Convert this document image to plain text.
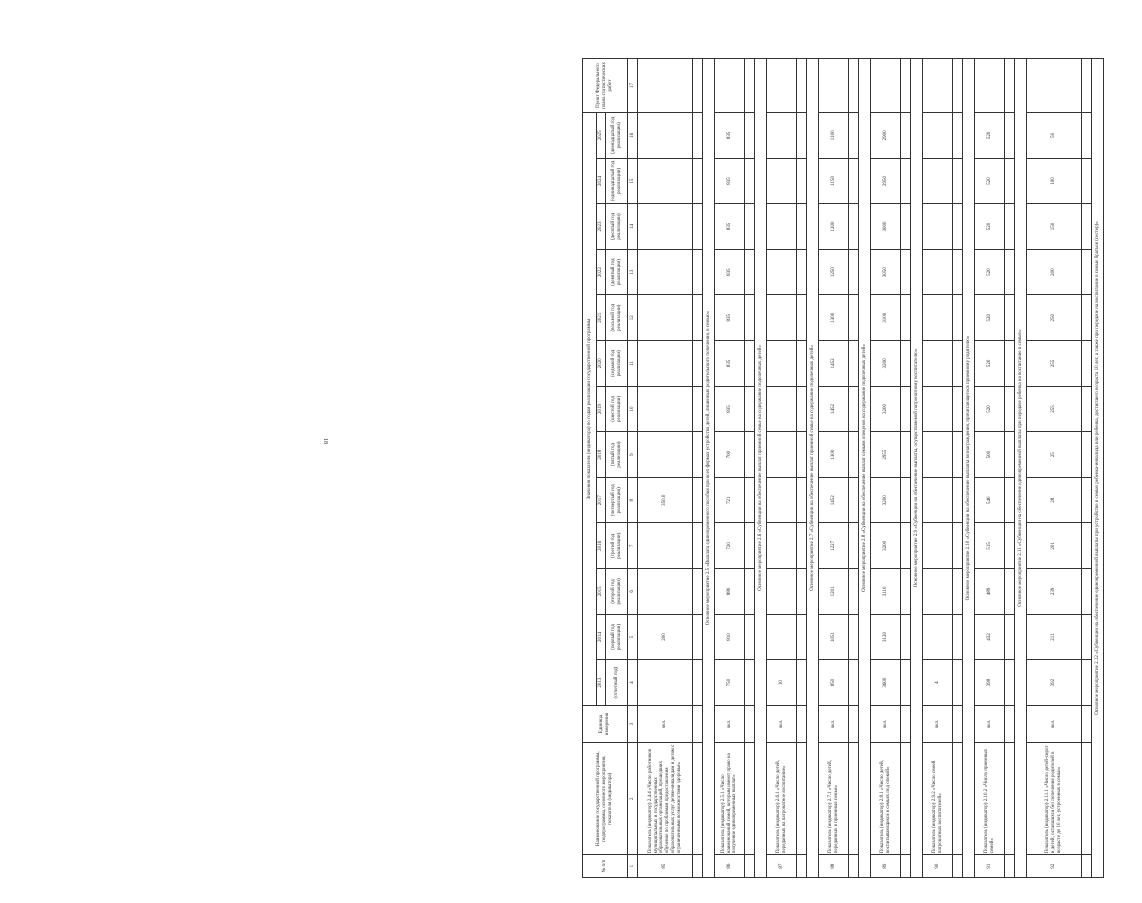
18
№ п/п	Наименование государственной программы, подпрограммы, основного мероприятия, показателя (индикатора)	Единица измерения	Значения показателя (индикатора) по годам реализации государственной программы													Пункт Федерального плана статистических работ
			2013	2014	2015	2016	2017	2018	2019	2020	2021	2022	2023	2024	2025	
			(отчетный год)	(первый год реализации)	(второй год реализации)	(третий год реализации)	(четвертый год реализации)	(пятый год реализации)	(шестой год реализации)	(седьмой год реализации)	(восьмой год реализации)	(девятый год реализации)	(десятый год реализации)	(одиннадцатый год реализации)	(двенадцатый год реализации)	
1	2	3	4	5	6	7	8	9	10	11	12	13	14	15	16	17
85	Показатель (индикатор) 2.4.4 «Число работников муниципальных и государственных образовательных организаций, прошедших обучение по проблемам предоставления образовательных услуг детям-инвалидам и детям с ограниченными возможностями здоровья»	чел.		200			350,0									

Основное мероприятие 2.5 «Выплата единовременного пособия при всех формах устройства детей, лишенных родительского попечения, в семью»																
86	Показатель (индикатор) 2.5.1 «Число наименований семей, которым имеют право на получение единовременных выплат»	чел.	750	810	880	720	721	700	835	835	835	835	835	835	835	

Основное мероприятие 2.6 «Субвенции на обеспечение выплат приемной семье на содержание подопечных детей»																
87	Показатель (индикатор) 2.6.1 «Число детей, переданных на патронатное воспитание»	чел.	10													

Основное мероприятие 2.7 «Субвенции на обеспечение выплат приемной семье на содержание подопечных детей»																
88	Показатель (индикатор) 2.7.1 «Число детей, переданных в приемные семьи»	чел.	850	1051	1201	1227	1452	1300	1452	1452	1300	1250	1200	1150	1100	

Основное мероприятие 2.8 «Субвенции на обеспечение выплат семьям опекунов на содержание подопечных детей»																
89	Показатель (индикатор) 2.8.1 «Число детей, воспитывающихся в семьях под опекой»	чел.	3600	3120	3110	3200	3200	2955	3200	3200	3100	3050	3000	2950	2900	

Основное мероприятие 2.9 «Субвенции на обеспечение выплаты, осуществляемой патронатному воспитателю»																
90	Показатель (индикатор) 2.9.2 «Число семей патронатных воспитателей»	чел.	4													

Основное мероприятие 2.10 «Субвенции на обеспечение выплаты вознаграждения, причитающегося приемному родителю»																
91	Показатель (индикатор) 2.10.2 «Число приемных семей»	чел.	398	432	489	515	540	500	520	520	520	520	520	520	520	

Основное мероприятие 2.11 «Субвенции на обеспечение единовременной выплаты при передаче ребенка на воспитание в семью»																
92	Показатель (индикатор) 2.11.1 «Число детей-сирот и детей, оставшихся без попечения родителей в возрасте до 10 лет, устроенных в семьи»	чел.	392	211	239	201	28	25	255	255	250	200	150	100	50	

Основное мероприятие 2.12 «Субвенции на обеспечение единовременной выплаты при устройстве в семью ребенка-инвалида или ребенка, достигшего возраста 10 лет, а также при передаче на воспитание в семью братьев (сестер)»																
